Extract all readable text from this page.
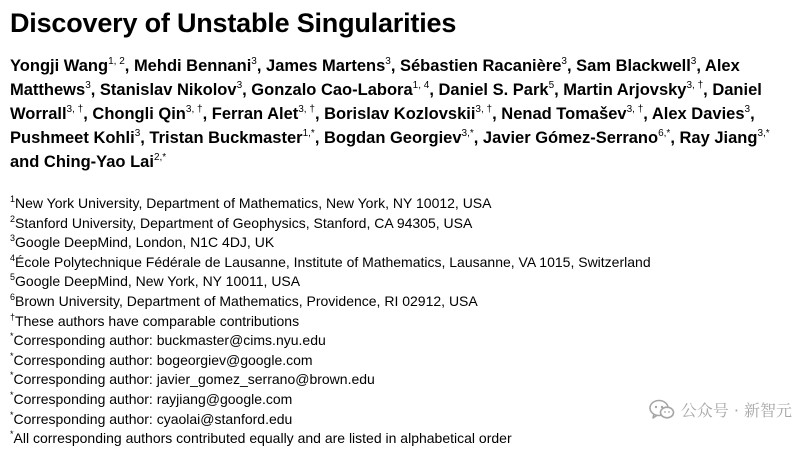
Discovery of Unstable Singularities
Yongji Wang$^{1, 2}$, Mehdi Bennani$^3$, James Martens$^3$, Sébastien Racanière$^3$, Sam Blackwell$^3$, Alex Matthews$^3$, Stanislav Nikolov$^3$, Gonzalo Cao-Labora$^{1, 4}$, Daniel S. Park$^5$, Martin Arjovsky$^{3, \dagger}$, Daniel Worrall$^{3, \dagger}$, Chongli Qin$^{3, \dagger}$, Ferran Alet$^{3, \dagger}$, Borislav Kozlovskii$^{3, \dagger}$, Nenad Tomašev$^{3, \dagger}$, Alex Davies$^3$, Pushmeet Kohli$^3$, Tristan Buckmaster$^{1,*}$, Bogdan Georgiev$^{3,*}$, Javier Gómez-Serrano$^{6,*}$, Ray Jiang$^{3,*}$ and Ching-Yao Lai$^{2,*}$
$^1$New York University, Department of Mathematics, New York, NY 10012, USA
$^2$Stanford University, Department of Geophysics, Stanford, CA 94305, USA
$^3$Google DeepMind, London, N1C 4DJ, UK
$^4$École Polytechnique Fédérale de Lausanne, Institute of Mathematics, Lausanne, VA 1015, Switzerland
$^5$Google DeepMind, New York, NY 10011, USA
$^6$Brown University, Department of Mathematics, Providence, RI 02912, USA
†These authors have comparable contributions
*Corresponding author: buckmaster@cims.nyu.edu
*Corresponding author: bogeorgiev@google.com
*Corresponding author: javier_gomez_serrano@brown.edu
*Corresponding author: rayjiang@google.com
*Corresponding author: cyaolai@stanford.edu
*All corresponding authors contributed equally and are listed in alphabetical order
公众号 · 新智元
